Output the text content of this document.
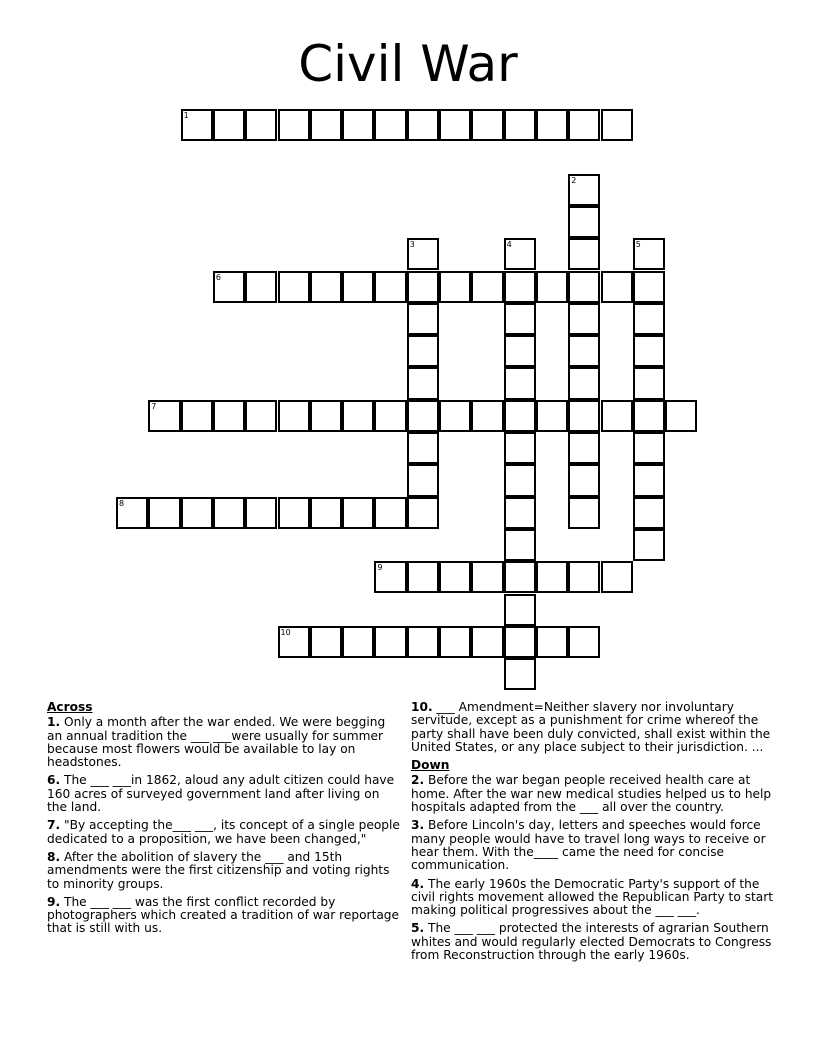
Civil War
1
6
7
8
9
10
2
3	4	5
Across
1. Only a month after the war ended. We were begging an annual tradition the ___ ___were usually for summer because most flowers would be available to lay on headstones.
6. The ___ ___in 1862, aloud any adult citizen could have 160 acres of surveyed government land after living on the land.
7. "By accepting the___ ___, its concept of a single people dedicated to a proposition, we have been changed,"
8. After the abolition of slavery the ___ and 15th amendments were the first citizenship and voting rights to minority groups.
9. The ___ ___ was the first conflict recorded by photographers which created a tradition of war reportage that is still with us.
10. ___ Amendment=Neither slavery nor involuntary servitude, except as a punishment for crime whereof the party shall have been duly convicted, shall exist within the United States, or any place subject to their jurisdiction. ...
Down
2. Before the war began people received health care at home. After the war new medical studies helped us to help hospitals adapted from the ___ all over the country.
3. Before Lincoln's day, letters and speeches would force many people would have to travel long ways to receive or hear them. With the____ came the need for concise communication.
4. The early 1960s the Democratic Party's support of the civil rights movement allowed the Republican Party to start making political progressives about the ___ ___.
5. The ___ ___ protected the interests of agrarian Southern whites and would regularly elected Democrats to Congress from Reconstruction through the early 1960s.
